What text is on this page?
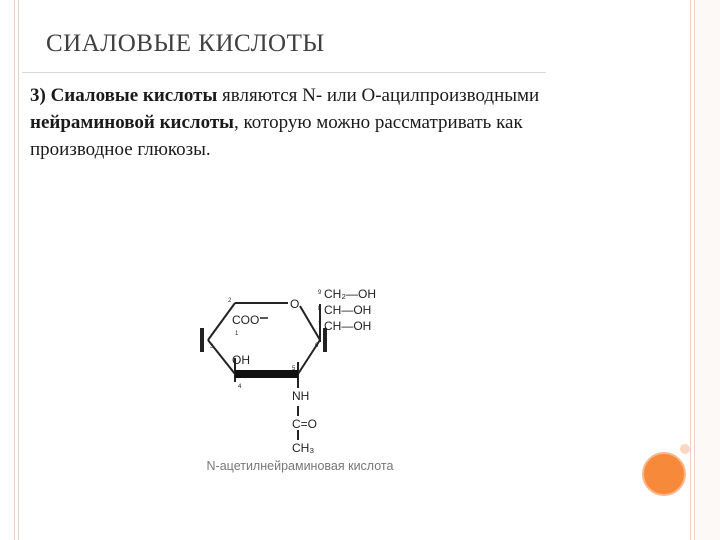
СИАЛОВЫЕ КИСЛОТЫ
3) Сиаловые кислоты являются N- или O-ацилпроизводными нейраминовой кислоты, которую можно рассматривать как производное глюкозы.
O
COO⁻
OH
CH₂—OH
CH—OH
CH—OH
NH
C=O
CH₃
2
1
3
4
5
6
7
8
9
N-ацетилнейраминовая кислота
